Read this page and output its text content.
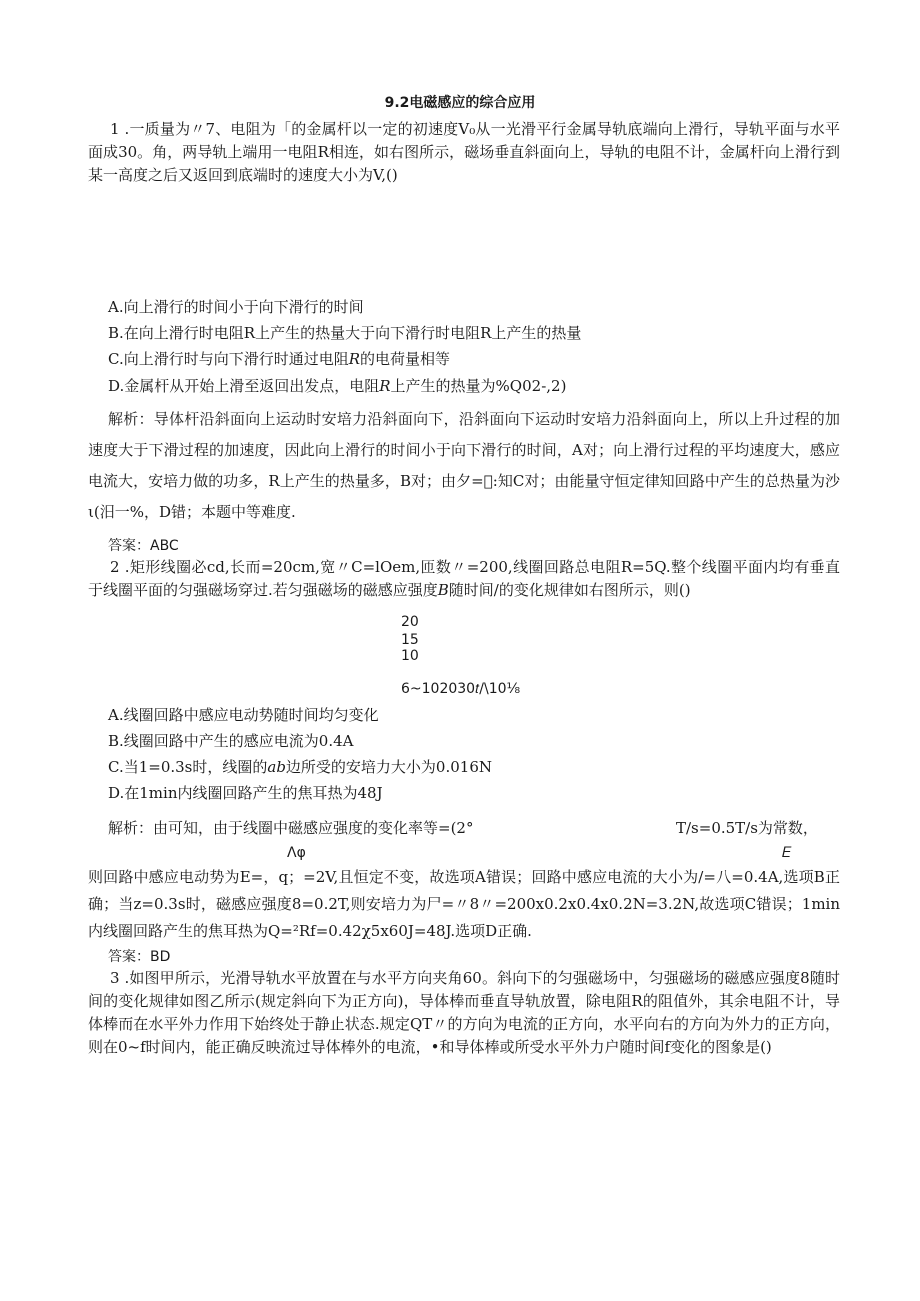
9.2电磁感应的综合应用
1 .一质量为〃7、电阻为「的金属杆以一定的初速度V₀从一光滑平行金属导轨底端向上滑行，导轨平面与水平面成30。角，两导轨上端用一电阻R相连，如右图所示，磁场垂直斜面向上，导轨的电阻不计，金属杆向上滑行到某一高度之后又返回到底端时的速度大小为V,()
A.向上滑行的时间小于向下滑行的时间
B.在向上滑行时电阻R上产生的热量大于向下滑行时电阻R上产生的热量
C.向上滑行时与向下滑行时通过电阻𝑅的电荷量相等
D.金属杆从开始上滑至返回出发点，电阻𝑅上产生的热量为%Q02-,2)
解析：导体杆沿斜面向上运动时安培力沿斜面向下，沿斜面向下运动时安培力沿斜面向上，所以上升过程的加速度大于下滑过程的加速度，因此向上滑行的时间小于向下滑行的时间，A对；向上滑行过程的平均速度大，感应电流大，安培力做的功多，R上产生的热量多，B对；由夕=𪬖:知C对；由能量守恒定律知回路中产生的总热量为沙ι(汨一%，D错；本题中等难度.
答案：ABC
2 .矩形线圈必cd,长而=20cm,宽〃C=lOem,匝数〃=200,线圈回路总电阻R=5Q.整个线圈平面内均有垂直于线圈平面的匀强磁场穿过.若匀强磁场的磁感应强度𝐵随时间/的变化规律如右图所示，则()
20
15
10
6~102030𝑡/\10⅛
A.线圈回路中感应电动势随时间均匀变化
B.线圈回路中产生的感应电流为0.4A
C.当1=0.3s时，线圈的𝑎𝑏边所受的安培力大小为0.016N
D.在1min内线圈回路产生的焦耳热为48J
解析：由可知，由于线圈中磁感应强度的变化率等=(2°	T∕s=0.5T∕s为常数，
Λφ	𝐸
则回路中感应电动势为E=，q；=2V,且恒定不变，故选项A错误；回路中感应电流的大小为/=八=0.4A,选项B正确；当z=0.3s时，磁感应强度8=0.2T,则安培力为尸=〃8〃=200x0.2x0.4x0.2N=3.2N,故选项C错误；1min内线圈回路产生的焦耳热为Q=²Rf=0.42χ5x60J=48J.选项D正确.
答案：BD
3 .如图甲所示，光滑导轨水平放置在与水平方向夹角60。斜向下的匀强磁场中，匀强磁场的磁感应强度8随时间的变化规律如图乙所示(规定斜向下为正方向)，导体棒而垂直导轨放置，除电阻R的阻值外，其余电阻不计，导体棒而在水平外力作用下始终处于静止状态.规定QT〃的方向为电流的正方向，水平向右的方向为外力的正方向，则在0~f时间内，能正确反映流过导体棒外的电流，•和导体棒或所受水平外力户随时间f变化的图象是()
